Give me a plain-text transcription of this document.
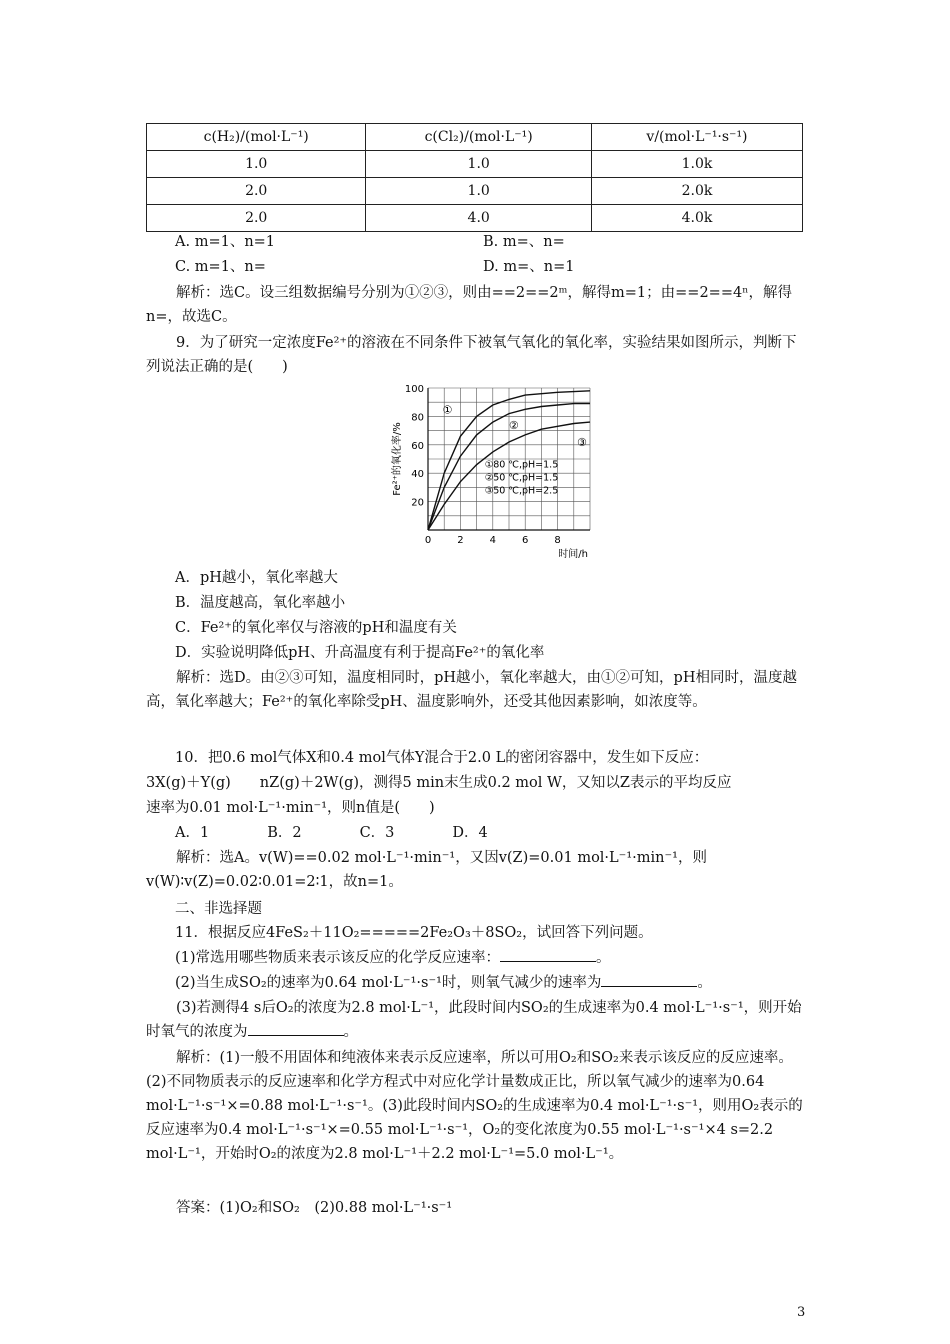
c(H₂)/(mol·L⁻¹)	c(Cl₂)/(mol·L⁻¹)	v/(mol·L⁻¹·s⁻¹)
1.0	1.0	1.0k
2.0	1.0	2.0k
2.0	4.0	4.0k
A. m=1、n=1	B. m=、n=
C. m=1、n=	D. m=、n=1

解析：选C。设三组数据编号分别为①②③，则由==2==2ᵐ，解得m=1；由==2==4ⁿ，解得n=，故选C。

9．为了研究一定浓度Fe²⁺的溶液在不同条件下被氧气氧化的氧化率，实验结果如图所示，判断下列说法正确的是(　　)

0	2	4	6	8
20
40
60
80
100
时间/h
Fe²⁺的氧化率/%
①
②
③
①80 ℃,pH=1.5
②50 ℃,pH=1.5
③50 ℃,pH=2.5
A．pH越小，氧化率越大
B．温度越高，氧化率越小
C．Fe²⁺的氧化率仅与溶液的pH和温度有关
D．实验说明降低pH、升高温度有利于提高Fe²⁺的氧化率

解析：选D。由②③可知，温度相同时，pH越小，氧化率越大，由①②可知，pH相同时，温度越高，氧化率越大；Fe²⁺的氧化率除受pH、温度影响外，还受其他因素影响，如浓度等。

10．把0.6 mol气体X和0.4 mol气体Y混合于2.0 L的密闭容器中，发生如下反应：
3X(g)＋Y(g)　　nZ(g)＋2W(g)，测得5 min末生成0.2 mol W，又知以Z表示的平均反应
速率为0.01 mol·L⁻¹·min⁻¹，则n值是(　　)
A．1　　　　B．2　　　　C．3　　　　D．4

解析：选A。v(W)==0.02 mol·L⁻¹·min⁻¹，又因v(Z)=0.01 mol·L⁻¹·min⁻¹，则v(W)∶v(Z)=0.02∶0.01=2∶1，故n=1。

二、非选择题
11．根据反应4FeS₂＋11O₂=====2Fe₂O₃＋8SO₂，试回答下列问题。
(1)常选用哪些物质来表示该反应的化学反应速率：	。
(2)当生成SO₂的速率为0.64 mol·L⁻¹·s⁻¹时，则氧气减少的速率为	。

(3)若测得4 s后O₂的浓度为2.8 mol·L⁻¹，此段时间内SO₂的生成速率为0.4 mol·L⁻¹·s⁻¹，则开始时氧气的浓度为	。

解析：(1)一般不用固体和纯液体来表示反应速率，所以可用O₂和SO₂来表示该反应的反应速率。(2)不同物质表示的反应速率和化学方程式中对应化学计量数成正比，所以氧气减少的速率为0.64 mol·L⁻¹·s⁻¹×=0.88 mol·L⁻¹·s⁻¹。(3)此段时间内SO₂的生成速率为0.4 mol·L⁻¹·s⁻¹，则用O₂表示的反应速率为0.4 mol·L⁻¹·s⁻¹×=0.55 mol·L⁻¹·s⁻¹，O₂的变化浓度为0.55 mol·L⁻¹·s⁻¹×4 s=2.2 mol·L⁻¹，开始时O₂的浓度为2.8 mol·L⁻¹＋2.2 mol·L⁻¹=5.0 mol·L⁻¹。

答案：(1)O₂和SO₂　(2)0.88 mol·L⁻¹·s⁻¹

3
